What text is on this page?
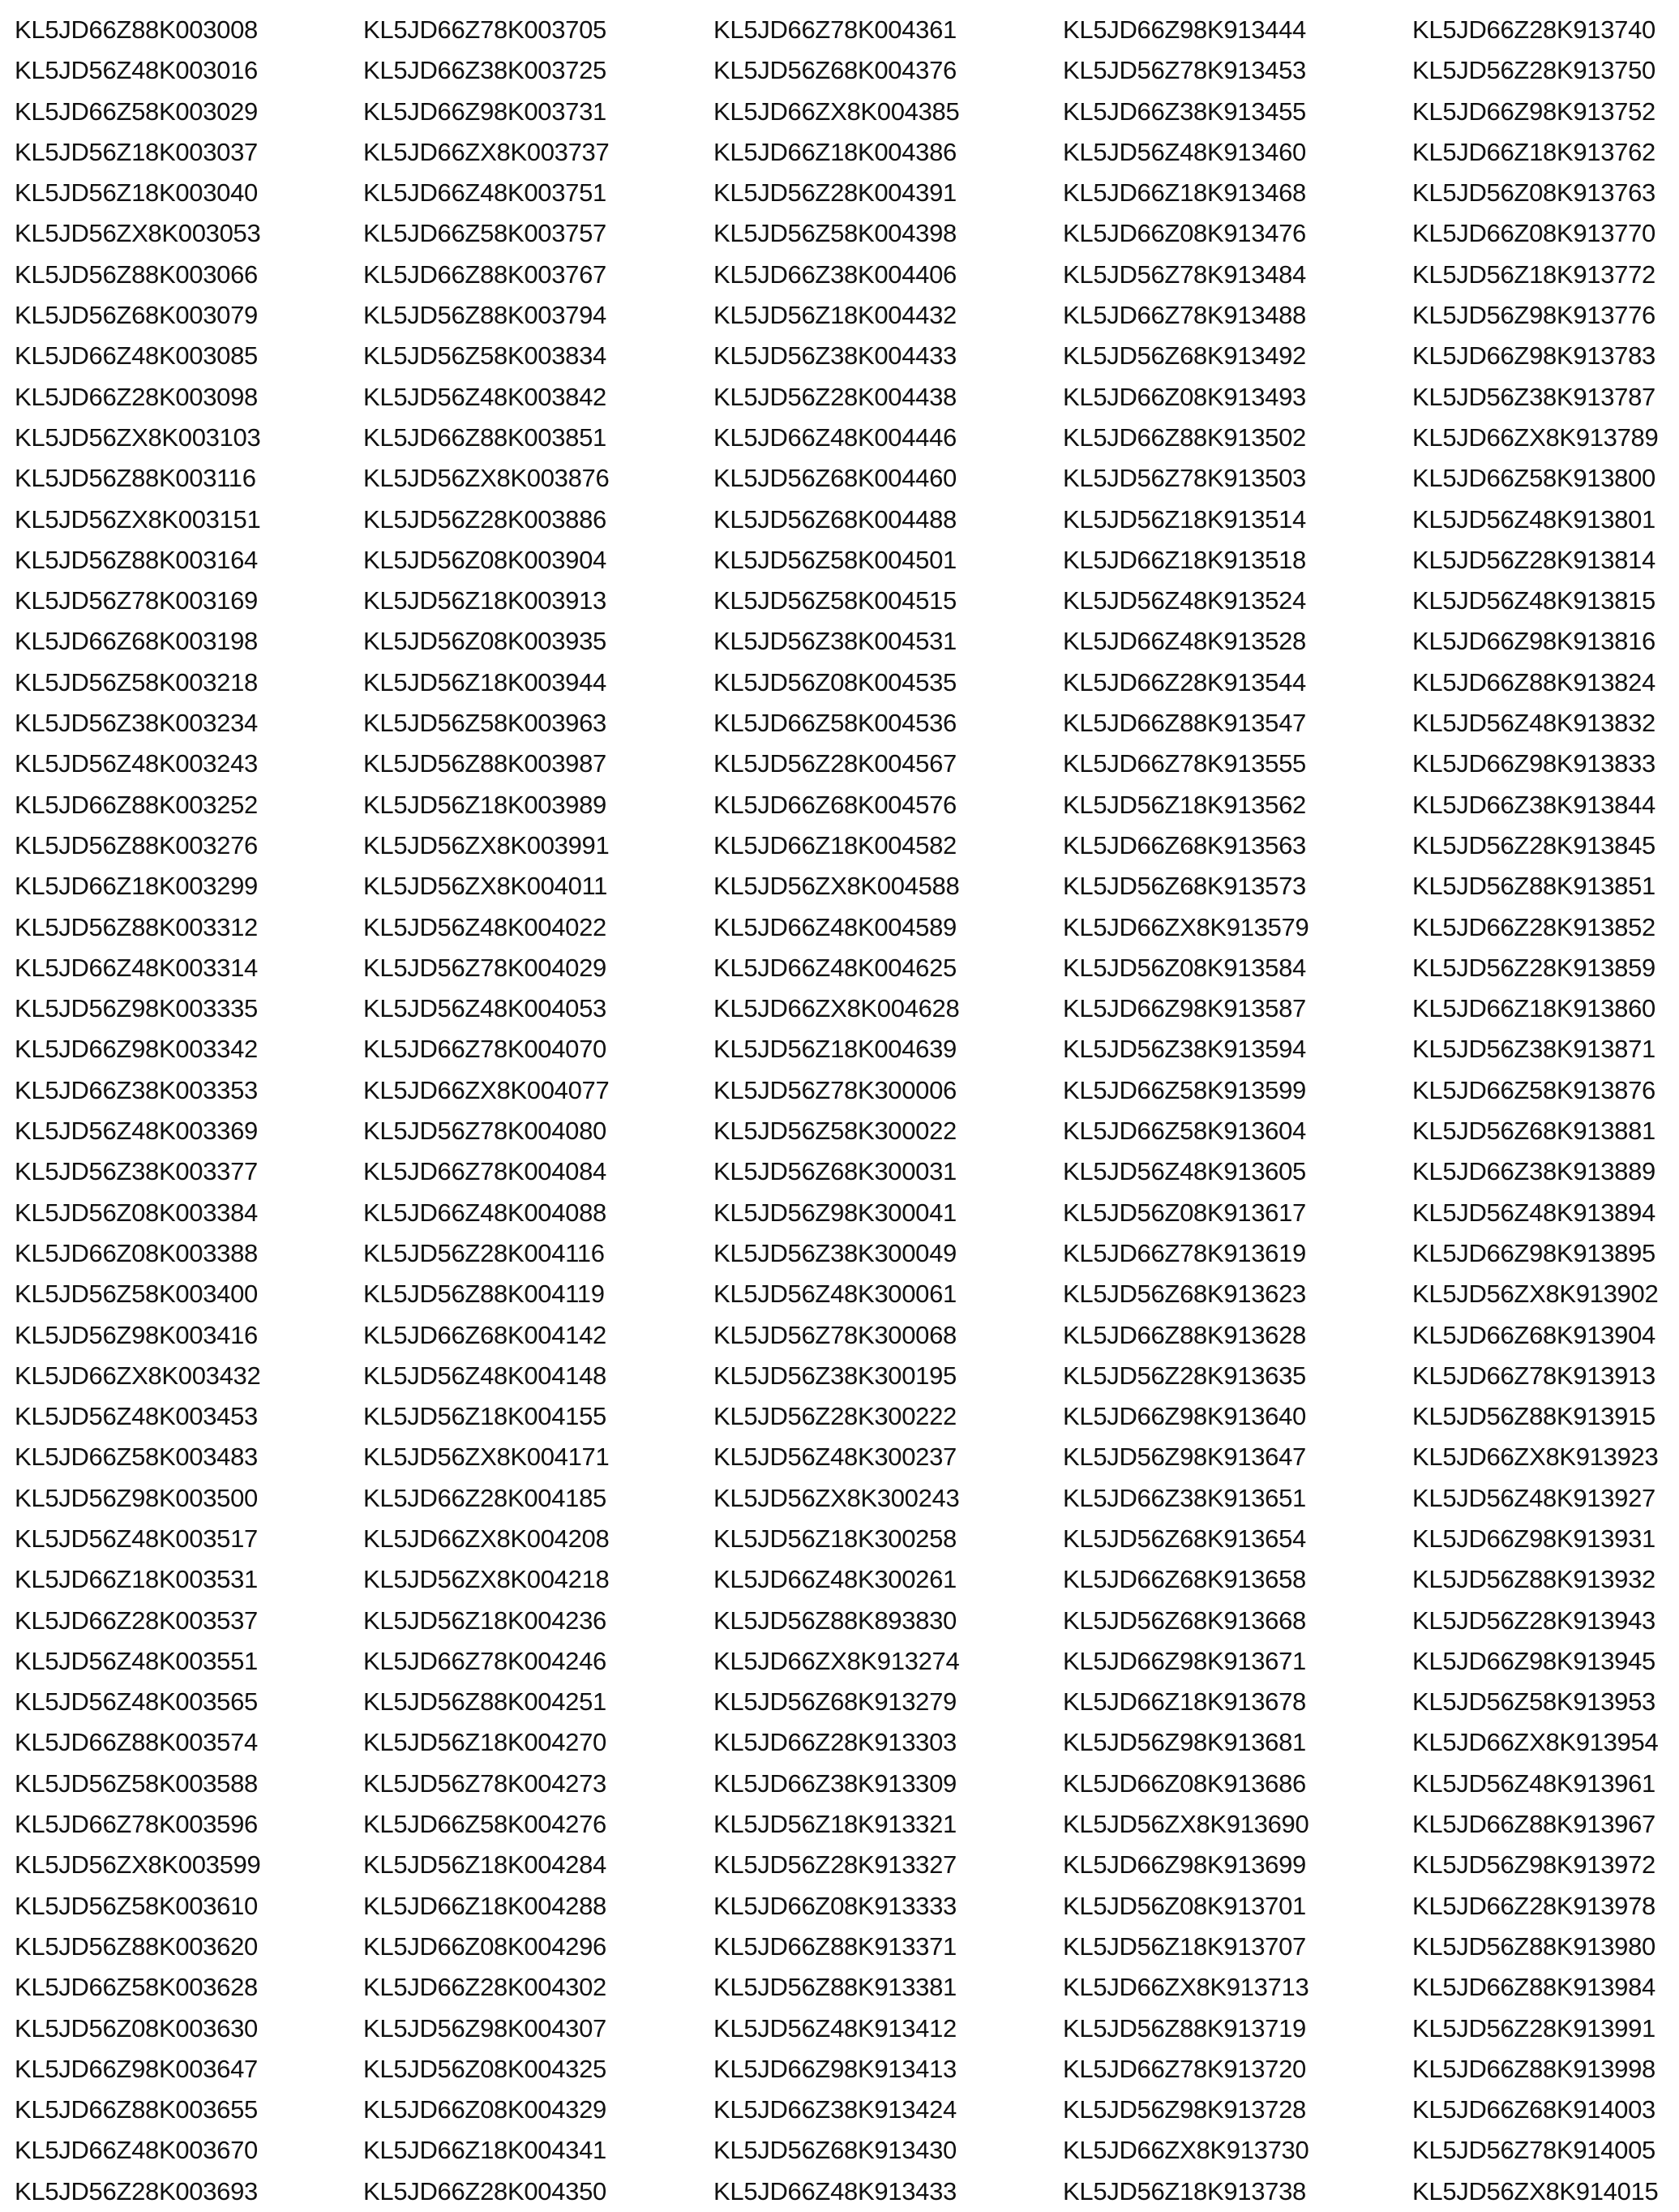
KL5JD66Z88K003008
KL5JD56Z48K003016
KL5JD66Z58K003029
KL5JD56Z18K003037
KL5JD56Z18K003040
KL5JD56ZX8K003053
KL5JD56Z88K003066
KL5JD56Z68K003079
KL5JD66Z48K003085
KL5JD66Z28K003098
KL5JD56ZX8K003103
KL5JD56Z88K003116
KL5JD56ZX8K003151
KL5JD56Z88K003164
KL5JD56Z78K003169
KL5JD66Z68K003198
KL5JD56Z58K003218
KL5JD56Z38K003234
KL5JD56Z48K003243
KL5JD66Z88K003252
KL5JD56Z88K003276
KL5JD66Z18K003299
KL5JD56Z88K003312
KL5JD66Z48K003314
KL5JD56Z98K003335
KL5JD66Z98K003342
KL5JD66Z38K003353
KL5JD56Z48K003369
KL5JD56Z38K003377
KL5JD56Z08K003384
KL5JD66Z08K003388
KL5JD56Z58K003400
KL5JD56Z98K003416
KL5JD66ZX8K003432
KL5JD56Z48K003453
KL5JD66Z58K003483
KL5JD56Z98K003500
KL5JD56Z48K003517
KL5JD66Z18K003531
KL5JD66Z28K003537
KL5JD56Z48K003551
KL5JD56Z48K003565
KL5JD66Z88K003574
KL5JD56Z58K003588
KL5JD66Z78K003596
KL5JD56ZX8K003599
KL5JD56Z58K003610
KL5JD56Z88K003620
KL5JD66Z58K003628
KL5JD56Z08K003630
KL5JD66Z98K003647
KL5JD66Z88K003655
KL5JD66Z48K003670
KL5JD56Z28K003693
KL5JD66Z78K003705
KL5JD66Z38K003725
KL5JD66Z98K003731
KL5JD66ZX8K003737
KL5JD66Z48K003751
KL5JD66Z58K003757
KL5JD66Z88K003767
KL5JD56Z88K003794
KL5JD56Z58K003834
KL5JD56Z48K003842
KL5JD66Z88K003851
KL5JD56ZX8K003876
KL5JD56Z28K003886
KL5JD56Z08K003904
KL5JD56Z18K003913
KL5JD56Z08K003935
KL5JD56Z18K003944
KL5JD56Z58K003963
KL5JD56Z88K003987
KL5JD56Z18K003989
KL5JD56ZX8K003991
KL5JD56ZX8K004011
KL5JD56Z48K004022
KL5JD56Z78K004029
KL5JD56Z48K004053
KL5JD66Z78K004070
KL5JD66ZX8K004077
KL5JD56Z78K004080
KL5JD66Z78K004084
KL5JD66Z48K004088
KL5JD56Z28K004116
KL5JD56Z88K004119
KL5JD66Z68K004142
KL5JD56Z48K004148
KL5JD56Z18K004155
KL5JD56ZX8K004171
KL5JD66Z28K004185
KL5JD66ZX8K004208
KL5JD56ZX8K004218
KL5JD56Z18K004236
KL5JD66Z78K004246
KL5JD56Z88K004251
KL5JD56Z18K004270
KL5JD56Z78K004273
KL5JD66Z58K004276
KL5JD56Z18K004284
KL5JD66Z18K004288
KL5JD66Z08K004296
KL5JD66Z28K004302
KL5JD56Z98K004307
KL5JD56Z08K004325
KL5JD66Z08K004329
KL5JD66Z18K004341
KL5JD66Z28K004350
KL5JD66Z78K004361
KL5JD56Z68K004376
KL5JD66ZX8K004385
KL5JD66Z18K004386
KL5JD56Z28K004391
KL5JD56Z58K004398
KL5JD66Z38K004406
KL5JD56Z18K004432
KL5JD56Z38K004433
KL5JD56Z28K004438
KL5JD66Z48K004446
KL5JD56Z68K004460
KL5JD56Z68K004488
KL5JD56Z58K004501
KL5JD56Z58K004515
KL5JD56Z38K004531
KL5JD56Z08K004535
KL5JD66Z58K004536
KL5JD56Z28K004567
KL5JD66Z68K004576
KL5JD66Z18K004582
KL5JD56ZX8K004588
KL5JD66Z48K004589
KL5JD66Z48K004625
KL5JD66ZX8K004628
KL5JD56Z18K004639
KL5JD56Z78K300006
KL5JD56Z58K300022
KL5JD56Z68K300031
KL5JD56Z98K300041
KL5JD56Z38K300049
KL5JD56Z48K300061
KL5JD56Z78K300068
KL5JD56Z38K300195
KL5JD56Z28K300222
KL5JD56Z48K300237
KL5JD56ZX8K300243
KL5JD56Z18K300258
KL5JD66Z48K300261
KL5JD56Z88K893830
KL5JD66ZX8K913274
KL5JD56Z68K913279
KL5JD66Z28K913303
KL5JD66Z38K913309
KL5JD56Z18K913321
KL5JD56Z28K913327
KL5JD66Z08K913333
KL5JD66Z88K913371
KL5JD56Z88K913381
KL5JD56Z48K913412
KL5JD66Z98K913413
KL5JD66Z38K913424
KL5JD56Z68K913430
KL5JD66Z48K913433
KL5JD66Z98K913444
KL5JD56Z78K913453
KL5JD66Z38K913455
KL5JD56Z48K913460
KL5JD66Z18K913468
KL5JD66Z08K913476
KL5JD56Z78K913484
KL5JD66Z78K913488
KL5JD56Z68K913492
KL5JD66Z08K913493
KL5JD66Z88K913502
KL5JD56Z78K913503
KL5JD56Z18K913514
KL5JD66Z18K913518
KL5JD56Z48K913524
KL5JD66Z48K913528
KL5JD66Z28K913544
KL5JD66Z88K913547
KL5JD66Z78K913555
KL5JD56Z18K913562
KL5JD66Z68K913563
KL5JD56Z68K913573
KL5JD66ZX8K913579
KL5JD56Z08K913584
KL5JD66Z98K913587
KL5JD56Z38K913594
KL5JD66Z58K913599
KL5JD66Z58K913604
KL5JD56Z48K913605
KL5JD56Z08K913617
KL5JD66Z78K913619
KL5JD56Z68K913623
KL5JD66Z88K913628
KL5JD56Z28K913635
KL5JD66Z98K913640
KL5JD56Z98K913647
KL5JD66Z38K913651
KL5JD56Z68K913654
KL5JD66Z68K913658
KL5JD56Z68K913668
KL5JD66Z98K913671
KL5JD66Z18K913678
KL5JD56Z98K913681
KL5JD66Z08K913686
KL5JD56ZX8K913690
KL5JD66Z98K913699
KL5JD56Z08K913701
KL5JD56Z18K913707
KL5JD66ZX8K913713
KL5JD56Z88K913719
KL5JD66Z78K913720
KL5JD56Z98K913728
KL5JD66ZX8K913730
KL5JD56Z18K913738
KL5JD66Z28K913740
KL5JD56Z28K913750
KL5JD66Z98K913752
KL5JD66Z18K913762
KL5JD56Z08K913763
KL5JD66Z08K913770
KL5JD56Z18K913772
KL5JD56Z98K913776
KL5JD66Z98K913783
KL5JD56Z38K913787
KL5JD66ZX8K913789
KL5JD66Z58K913800
KL5JD56Z48K913801
KL5JD56Z28K913814
KL5JD56Z48K913815
KL5JD66Z98K913816
KL5JD66Z88K913824
KL5JD56Z48K913832
KL5JD66Z98K913833
KL5JD66Z38K913844
KL5JD56Z28K913845
KL5JD56Z88K913851
KL5JD66Z28K913852
KL5JD56Z28K913859
KL5JD66Z18K913860
KL5JD56Z38K913871
KL5JD66Z58K913876
KL5JD56Z68K913881
KL5JD66Z38K913889
KL5JD56Z48K913894
KL5JD66Z98K913895
KL5JD56ZX8K913902
KL5JD66Z68K913904
KL5JD66Z78K913913
KL5JD56Z88K913915
KL5JD66ZX8K913923
KL5JD56Z48K913927
KL5JD66Z98K913931
KL5JD56Z88K913932
KL5JD56Z28K913943
KL5JD66Z98K913945
KL5JD56Z58K913953
KL5JD66ZX8K913954
KL5JD56Z48K913961
KL5JD66Z88K913967
KL5JD56Z98K913972
KL5JD66Z28K913978
KL5JD56Z88K913980
KL5JD66Z88K913984
KL5JD56Z28K913991
KL5JD66Z88K913998
KL5JD66Z68K914003
KL5JD56Z78K914005
KL5JD56ZX8K914015
